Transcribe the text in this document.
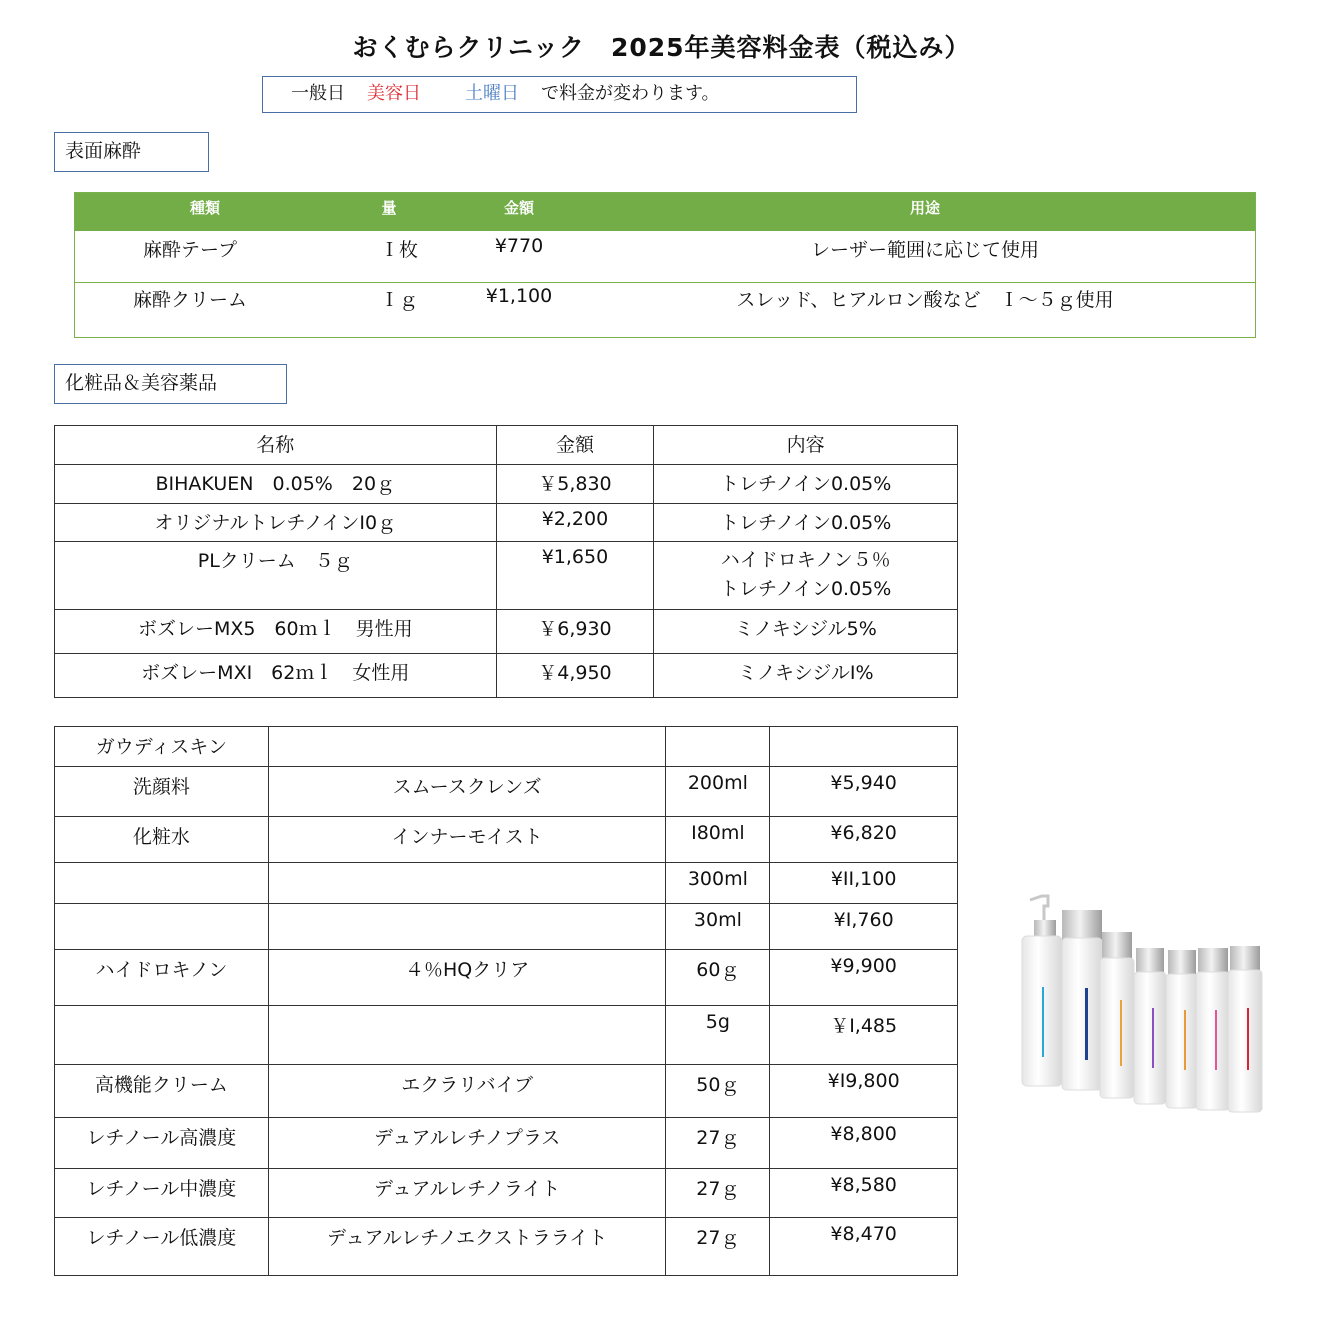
おくむらクリニック　2025年美容料金表（税込み）
一般日 美容日 土曜日 で料金が変わります。
表面麻酔
種類	量	金額	用途
麻酔テープ	Ｉ枚	¥770	レーザー範囲に応じて使用
麻酔クリーム	Ｉｇ	¥1,100	スレッド、ヒアルロン酸など　Ｉ～５ｇ使用
化粧品＆美容薬品
名称	金額	内容
BIHAKUEN　0.05%　20ｇ	￥5,830	トレチノイン0.05%
オリジナルトレチノインI0ｇ	¥2,200	トレチノイン0.05%
PLクリーム　５ｇ	¥1,650	ハイドロキノン５％
トレチノイン0.05%

ボズレーMX5　60ｍｌ　男性用	￥6,930	ミノキシジル5%
ボズレーMXI　62ｍｌ　女性用	￥4,950	ミノキシジルI%
ガウディスキン			
洗顔料	スムースクレンズ	200ml	¥5,940
化粧水	インナーモイスト	I80ml	¥6,820
		300ml	¥II,100
		30ml	¥I,760
ハイドロキノン	４％HQクリア	60ｇ	¥9,900
		5g	￥I,485
高機能クリーム	エクラリバイブ	50ｇ	¥I9,800
レチノール高濃度	デュアルレチノプラス	27ｇ	¥8,800
レチノール中濃度	デュアルレチノライト	27ｇ	¥8,580
レチノール低濃度	デュアルレチノエクストラライト	27ｇ	¥8,470
